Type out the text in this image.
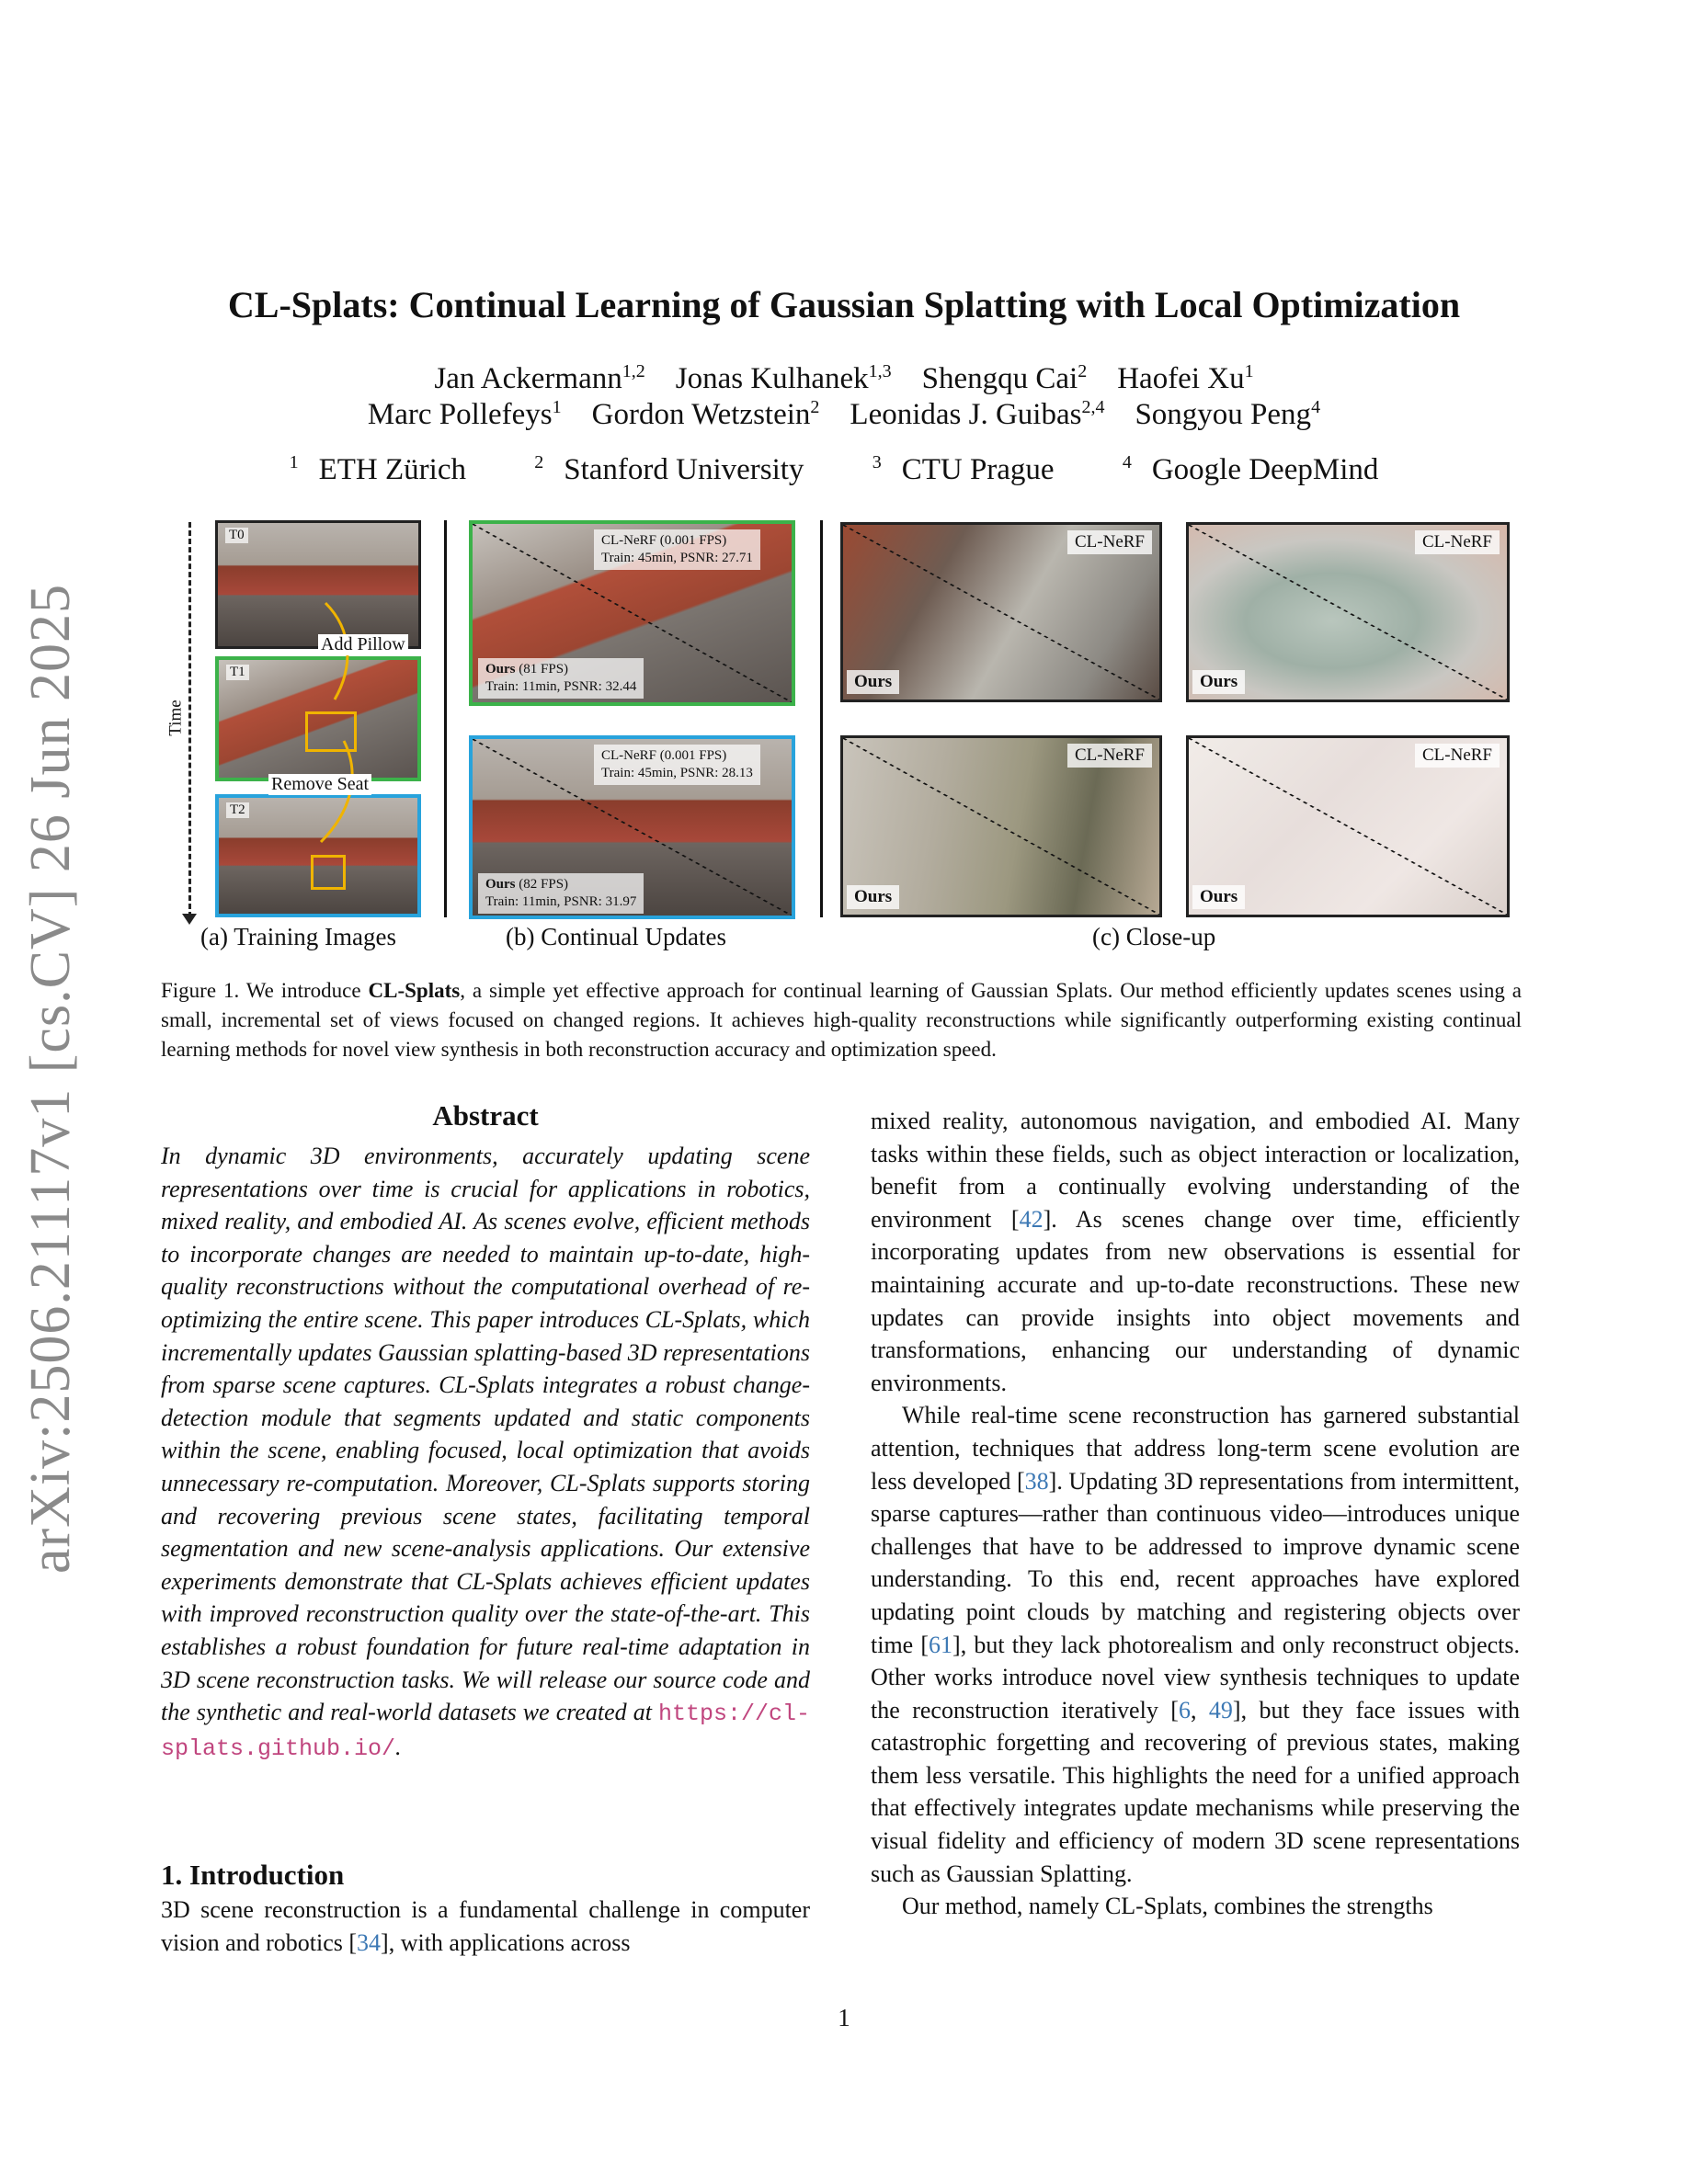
arXiv:2506.21117v1 [cs.CV] 26 Jun 2025
CL-Splats: Continual Learning of Gaussian Splatting with Local Optimization
Jan Ackermann$^{1,2}$ Jonas Kulhanek$^{1,3}$ Shengqu Cai$^2$ Haofei Xu$^1$
Marc Pollefeys$^1$ Gordon Wetzstein$^2$ Leonidas J. Guibas$^{2,4}$ Songyou Peng$^4$
$^1$ ETH Zürich	$^2$ Stanford University	$^3$ CTU Prague	$^4$ Google DeepMind
Time
T0
T1
T2
Add Pillow
Remove Seat
CL-NeRF (0.001 FPS)
Train: 45min, PSNR: 27.71
Ours (81 FPS)
Train: 11min, PSNR: 32.44
CL-NeRF (0.001 FPS)
Train: 45min, PSNR: 28.13
Ours (82 FPS)
Train: 11min, PSNR: 31.97
CL-NeRF
Ours
CL-NeRF
Ours
CL-NeRF
Ours
CL-NeRF
Ours
(a) Training Images	(b) Continual Updates	(c) Close-up
Figure 1. We introduce CL-Splats, a simple yet effective approach for continual learning of Gaussian Splats. Our method efficiently updates scenes using a small, incremental set of views focused on changed regions. It achieves high-quality reconstructions while significantly outperforming existing continual learning methods for novel view synthesis in both reconstruction accuracy and optimization speed.
Abstract
In dynamic 3D environments, accurately updating scene representations over time is crucial for applications in robotics, mixed reality, and embodied AI. As scenes evolve, efficient methods to incorporate changes are needed to maintain up-to-date, high-quality reconstructions without the computational overhead of re-optimizing the entire scene. This paper introduces CL-Splats, which incrementally updates Gaussian splatting-based 3D representations from sparse scene captures. CL-Splats integrates a robust change-detection module that segments updated and static components within the scene, enabling focused, local optimization that avoids unnecessary re-computation. Moreover, CL-Splats supports storing and recovering previous scene states, facilitating temporal segmentation and new scene-analysis applications. Our extensive experiments demonstrate that CL-Splats achieves efficient updates with improved reconstruction quality over the state-of-the-art. This establishes a robust foundation for future real-time adaptation in 3D scene reconstruction tasks. We will release our source code and the synthetic and real-world datasets we created at https://cl-splats.github.io/.
1. Introduction
3D scene reconstruction is a fundamental challenge in computer vision and robotics [34], with applications across

mixed reality, autonomous navigation, and embodied AI. Many tasks within these fields, such as object interaction or localization, benefit from a continually evolving understanding of the environment [42]. As scenes change over time, efficiently incorporating updates from new observations is essential for maintaining accurate and up-to-date reconstructions. These new updates can provide insights into object movements and transformations, enhancing our understanding of dynamic environments.

While real-time scene reconstruction has garnered substantial attention, techniques that address long-term scene evolution are less developed [38]. Updating 3D representations from intermittent, sparse captures—rather than continuous video—introduces unique challenges that have to be addressed to improve dynamic scene understanding. To this end, recent approaches have explored updating point clouds by matching and registering objects over time [61], but they lack photorealism and only reconstruct objects. Other works introduce novel view synthesis techniques to update the reconstruction iteratively [6, 49], but they face issues with catastrophic forgetting and recovering of previous states, making them less versatile. This highlights the need for a unified approach that effectively integrates update mechanisms while preserving the visual fidelity and efficiency of modern 3D scene representations such as Gaussian Splatting.

Our method, namely CL-Splats, combines the strengths

1
